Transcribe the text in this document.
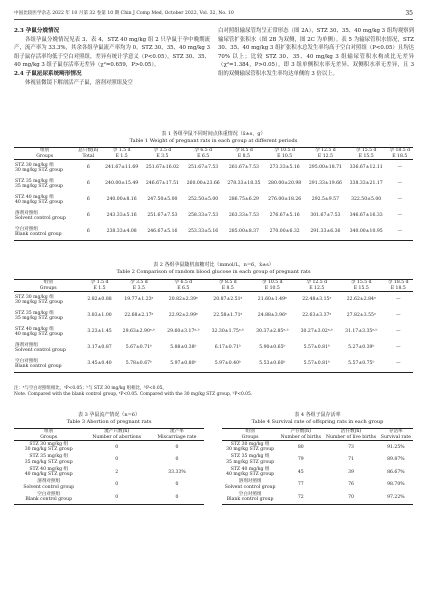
中国比较医学杂志 2022 年 10 月第 32 卷第 10 期 Chin J Comp Med, October 2022, Vol. 32, No. 10	35
2.3 孕鼠分娩情况

各组孕鼠分娩情况见表 3、表 4，STZ 40 mg/kg 组 2 只孕鼠于孕中晚期流产，流产率为 33.3%，其余各组孕鼠流产率均为 0。STZ 30、35、40 mg/kg 3 组子鼠存活率均低于空白对照组，差异有统计学意义（P<0.05）。STZ 30、35、40 mg/kg 3 组子鼠存活率无差异（χ²=0.659，P>0.05）。

2.4 子鼠泌尿系统畸形情况

体视显微镜下解剖活产子鼠，溶剂对照组及空

白对照组输尿管均呈正常形态（图 2A），STZ 30、35、40 mg/kg 3 组均观察到输尿管扩张积水（图 2B 为双侧，图 2C 为单侧）。表 5 为输尿管积水情况，STZ 30、35、40 mg/kg 3 组扩张积水总发生率均高于空白对照组（P<0.05）且均达 70% 以上；比较 STZ 30、35、40 mg/kg 3 组输尿管积水构成比无差异（χ²=1.384，P>0.05），即 3 组单侧积水率无差异、双侧积水率无差异，且 3 组的双侧输尿管积水发生率均达单侧的 3 倍以上。

表 1 各组孕鼠不同时间点体重情况（x̄±s，g）
Table 1 Weight of pregnant rats in each group at different periods
组别	总只数(n)	孕 1.5 d	孕 3.5 d	孕 6.5 d	孕 8.5 d	孕 10.5 d	孕 12.5 d	孕 15.5 d	孕 18.5 d
Groups	Total	E 1.5	E 3.5	E 6.5	E 8.5	E 10.5	E 12.5	E 15.5	E 18.5

STZ 30 mg/kg 组
30 mg/kg STZ group	6	241.67±11.69	251.67±16.02	251.67±7.53	261.67±7.53	273.33±5.16	295.00±18.71	336.67±12.11	—

STZ 35 mg/kg 组
35 mg/kg STZ group	6	240.00±15.49	246.67±17.51	260.00±23.66	278.33±18.35	280.00±20.98	291.33±19.66	338.33±21.17	—

STZ 40 mg/kg 组
40 mg/kg STZ group	6	240.00±8.16	247.50±5.00	252.50±5.00	286.75±6.29	276.00±18.26	292.5±9.57	322.50±5.00	—

溶剂对照组
Solvent control group	6	243.33±5.16	251.67±7.53	258.33±7.53	263.33±7.53	276.67±5.16	301.67±7.53	346.67±16.33	—

空白对照组
Blank control group	6	238.33±4.08	246.67±5.16	253.33±5.16	285.00±8.37	270.00±6.32	291.33±6.36	340.00±10.95	—
表 2 各组孕鼠随机血糖对比（mmol/L，n=6，x̄±s）
Table 2 Comparison of random blood glucose in each group of pregnant rats
组别	孕 1.5 d	孕 3.5 d	孕 6.5 d	孕 8.5 d	孕 10.5 d	孕 12.5 d	孕 15.5 d	孕 18.5 d
Groups	E 1.5	E 3.5	E 6.5	E 8.5	E 10.5	E 12.5	E 15.5	E 18.5

STZ 30 mg/kg 组
30 mg/kg STZ group	2.82±0.88	19.77±1.23ᵃ	20.82±2.39ᵃ	20.87±2.51ᵃ	21.60±1.49ᵃ	22.48±3.15ᵃ	22.62±2.84ᵃ	—

STZ 35 mg/kg 组
35 mg/kg STZ group	3.83±1.00	22.68±2.17ᵃ	22.92±2.99ᵃ	22.58±1.71ᵃ	24.88±3.96ᵃ	22.63±3.37ᵃ	27.82±3.55ᵃ	—

STZ 40 mg/kg 组
40 mg/kg STZ group	3.23±1.45	29.63±2.90ᵃ·ᵇ	29.60±3.17ᵃ·ᵇ	32.30±1.75ᵃ·ᵇ	30.37±2.85ᵃ·ᵇ	30.27±3.02ᵃ·ᵇ	31.17±3.35ᵃ·ᵇ	—

溶剂对照组
Solvent control group	3.17±0.87	5.67±0.71ᵇ	5.88±0.38ᵇ	6.17±0.71ᵇ	5.90±0.65ᵇ	5.57±0.81ᵇ	5.27±0.39ᵇ	—

空白对照组
Blank control group	3.45±0.40	5.78±0.67ᵇ	5.97±0.80ᵇ	5.97±0.40ᵇ	5.53±0.60ᵇ	5.57±0.81ᵇ	5.57±0.75ᵇ	—
注：ᵃ与空白对照组相比，ᵃP<0.05；ᵇ与 STZ 30 mg/kg 组相比，ᵇP<0.05。
Note. Compared with the blank control group, ᵃP<0.05. Compared with the 30 mg/kg STZ group, ᵇP<0.05.
表 3 孕鼠流产情况（n=6）
Table 3 Abortion of pregnant rats
组别	流产只数(n)	流产率
Groups	Number of abortions	Miscarriage rate

STZ 30 mg/kg 组
30 mg/kg STZ group	0	0

STZ 35 mg/kg 组
35 mg/kg STZ group	0	0

STZ 40 mg/kg 组
40 mg/kg STZ group	2	33.33%

溶剂对照组
Solvent control group	0	0

空白对照组
Blank control group	0	0
表 4 各组子鼠存活率
Table 4 Survival rate of offspring rats in each group
组别	产仔数(n)	活仔数(n)	存活率
Groups	Number of births	Number of live births	Survival rate

STZ 30 mg/kg 组
30 mg/kg STZ group	80	73	91.25%

STZ 35 mg/kg 组
35 mg/kg STZ group	79	71	89.87%

STZ 40 mg/kg 组
40 mg/kg STZ group	45	39	86.67%

溶剂对照组
Solvent control group	77	76	98.70%

空白对照组
Blank control group	72	70	97.22%
